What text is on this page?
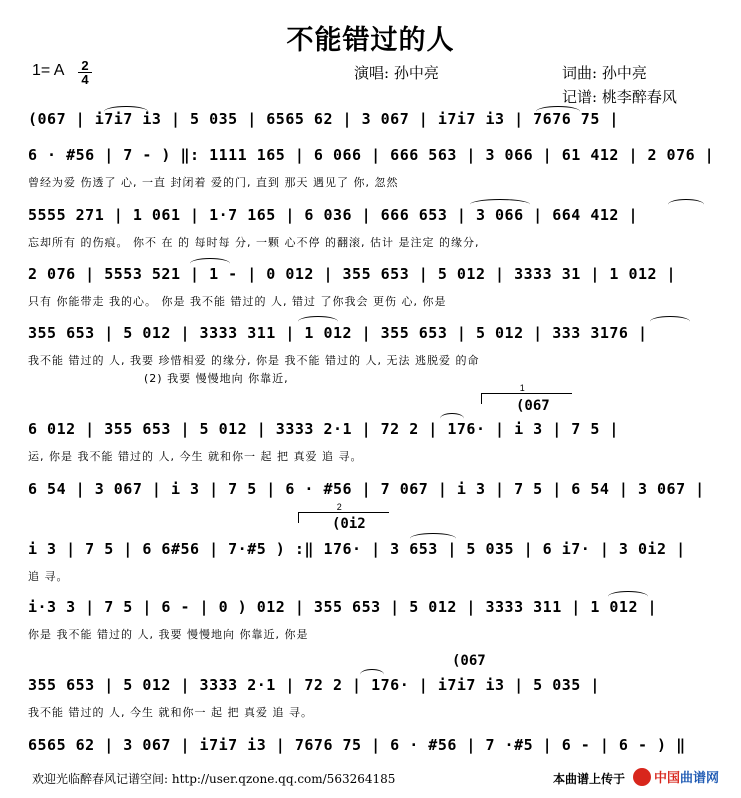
不能错过的人
1= A 2
4	演唱: 孙中亮	词曲: 孙中亮
记谱: 桃李醉春风
(067 | i7i7 i3 | 5 035 | 6565 62 | 3 067 | i7i7 i3 | 7676 75 |
6 · #56 | 7 - ) ‖: 1111 165 | 6 066 | 666 563 | 3 066 | 61 412 | 2 076 |
曾经为爱 伤透了 心, 一直 封闭着 爱的门, 直到 那天 遇见了 你, 忽然
5555 271 | 1 061 | 1·7 165 | 6 036 | 666 653 | 3 066 | 664 412 |
忘却所有 的伤痕。 你不 在 的 每时每 分, 一颗 心不停 的翻滚, 估计 是注定 的缘分,
2 076 | 5553 521 | 1 - | 0 012 | 355 653 | 5 012 | 3333 31 | 1 012 |
只有 你能带走 我的心。 你是 我不能 错过的 人, 错过 了你我会 更伤 心, 你是
355 653 | 5 012 | 3333 311 | 1 012 | 355 653 | 5 012 | 333 3176 |
我不能 错过的 人, 我要 珍惜相爱 的缘分, 你是 我不能 错过的 人, 无法 逃脱爱 的命
(2) 我要 慢慢地向 你靠近,
1
(067
6 012 | 355 653 | 5 012 | 3333 2·1 | 72 2 | 176· | i 3 | 7 5 |
运, 你是 我不能 错过的 人, 今生 就和你一 起 把 真爱 追 寻。
6 54 | 3 067 | i 3 | 7 5 | 6 · #56 | 7 067 | i 3 | 7 5 | 6 54 | 3 067 |
2
(0i2
i 3 | 7 5 | 6 6#56 | 7·#5 ) :‖ 176· | 3 653 | 5 035 | 6 i7· | 3 0i2 |
追 寻。
i·3 3 | 7 5 | 6 - | 0 ) 012 | 355 653 | 5 012 | 3333 311 | 1 012 |
你是 我不能 错过的 人, 我要 慢慢地向 你靠近, 你是
(067
355 653 | 5 012 | 3333 2·1 | 72 2 | 176· | i7i7 i3 | 5 035 |
我不能 错过的 人, 今生 就和你一 起 把 真爱 追 寻。
6565 62 | 3 067 | i7i7 i3 | 7676 75 | 6 · #56 | 7 ·#5 | 6 - | 6 - ) ‖
欢迎光临醉春风记谱空间: http://user.qzone.qq.com/563264185	本曲谱上传于	中国曲谱网
